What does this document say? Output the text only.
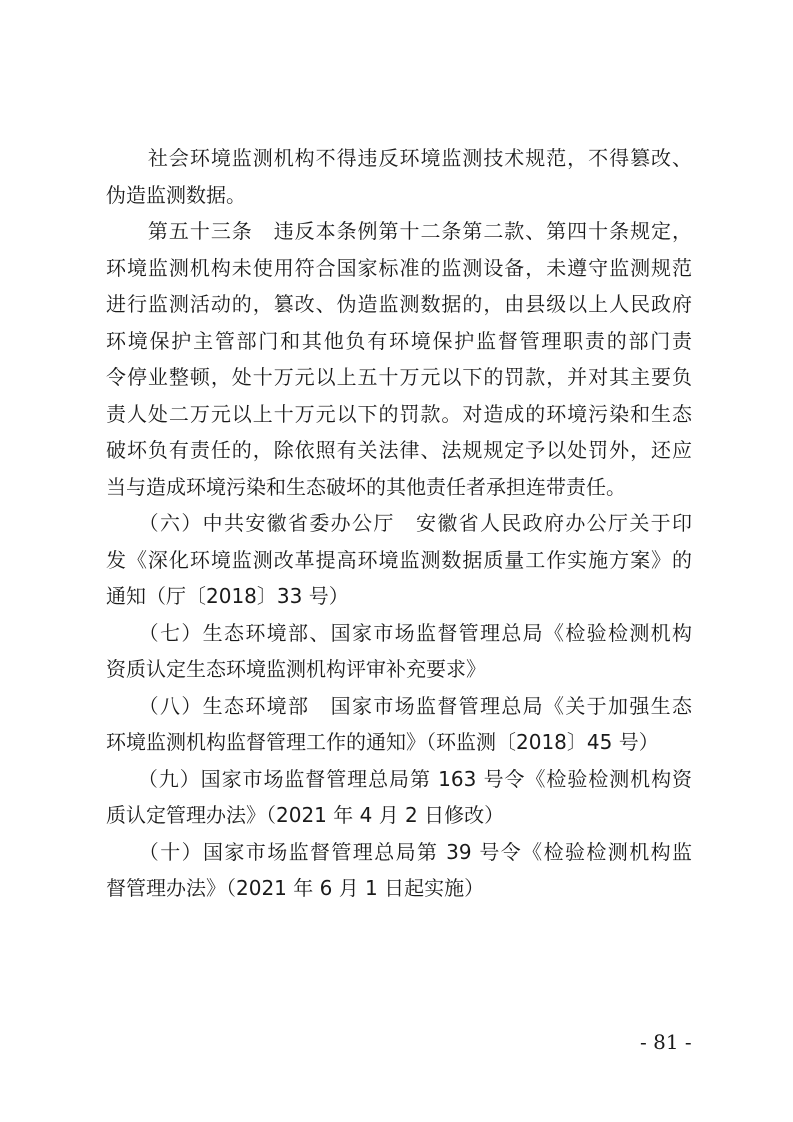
　　社会环境监测机构不得违反环境监测技术规范，不得篡改、
伪造监测数据。
　　第五十三条　违反本条例第十二条第二款、第四十条规定，
环境监测机构未使用符合国家标准的监测设备，未遵守监测规范
进行监测活动的，篡改、伪造监测数据的，由县级以上人民政府
环境保护主管部门和其他负有环境保护监督管理职责的部门责
令停业整顿，处十万元以上五十万元以下的罚款，并对其主要负
责人处二万元以上十万元以下的罚款。对造成的环境污染和生态
破坏负有责任的，除依照有关法律、法规规定予以处罚外，还应
当与造成环境污染和生态破坏的其他责任者承担连带责任。
　　（六）中共安徽省委办公厅　安徽省人民政府办公厅关于印
发《深化环境监测改革提高环境监测数据质量工作实施方案》的
通知（厅〔2018〕33 号）
　　（七）生态环境部、国家市场监督管理总局《检验检测机构
资质认定生态环境监测机构评审补充要求》
　　（八）生态环境部　国家市场监督管理总局《关于加强生态
环境监测机构监督管理工作的通知》（环监测〔2018〕45 号）
　　（九）国家市场监督管理总局第 163 号令《检验检测机构资
质认定管理办法》（2021 年 4 月 2 日修改）
　　（十）国家市场监督管理总局第 39 号令《检验检测机构监
督管理办法》（2021 年 6 月 1 日起实施）
- 81 -
